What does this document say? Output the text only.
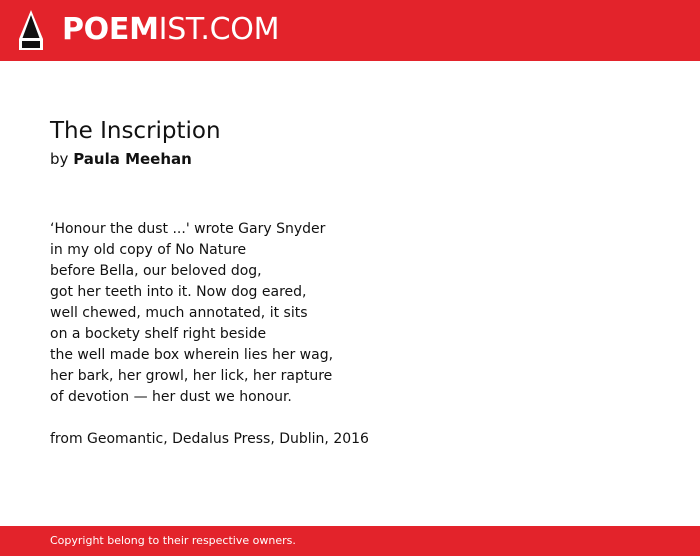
POEMIST.COM
The Inscription
by Paula Meehan
‘Honour the dust ...' wrote Gary Snyder
in my old copy of No Nature
before Bella, our beloved dog,
got her teeth into it. Now dog eared,
well chewed, much annotated, it sits
on a bockety shelf right beside
the well made box wherein lies her wag,
her bark, her growl, her lick, her rapture
of devotion — her dust we honour.
from Geomantic, Dedalus Press, Dublin, 2016
Copyright belong to their respective owners.
